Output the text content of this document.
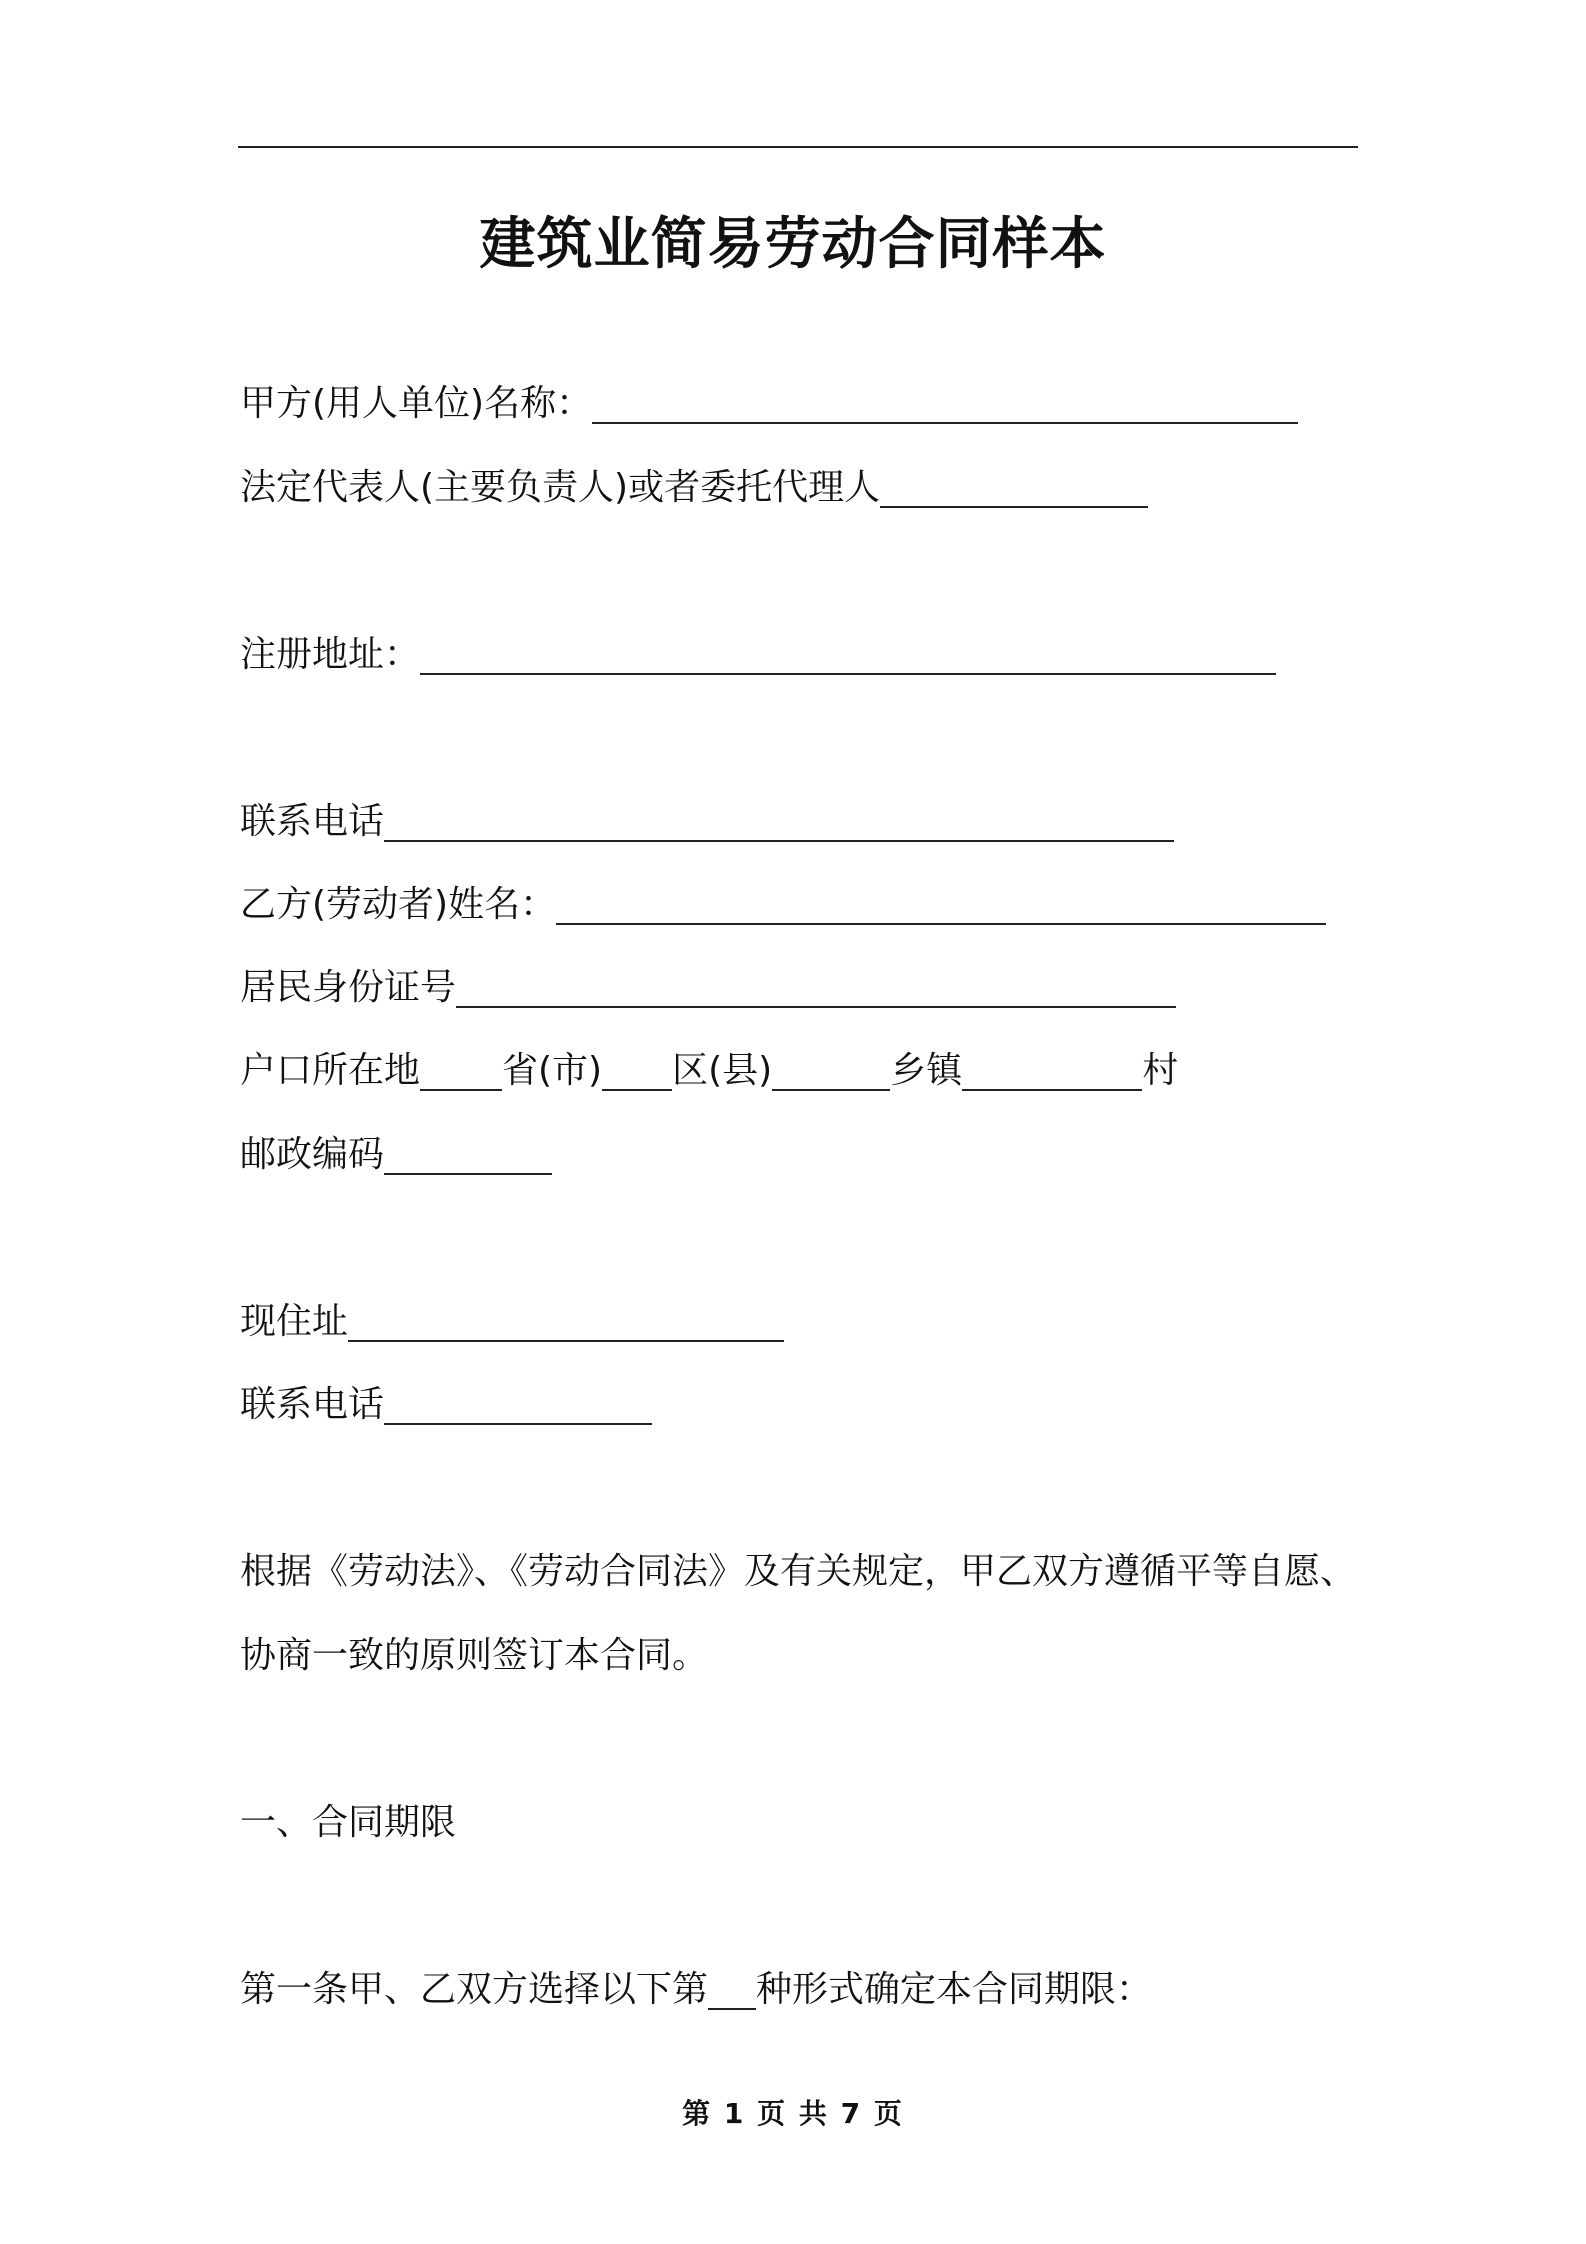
建筑业简易劳动合同样本
甲方(用人单位)名称：
法定代表人(主要负责人)或者委托代理人
注册地址：
联系电话
乙方(劳动者)姓名：
居民身份证号
户口所在地 省(市) 区(县)	乡镇	村
邮政编码
现住址
联系电话
根据《劳动法》、《劳动合同法》及有关规定，甲乙双方遵循平等自愿、
协商一致的原则签订本合同。
一、合同期限
第一条甲、乙双方选择以下第 种形式确定本合同期限：
第 1 页 共 7 页
